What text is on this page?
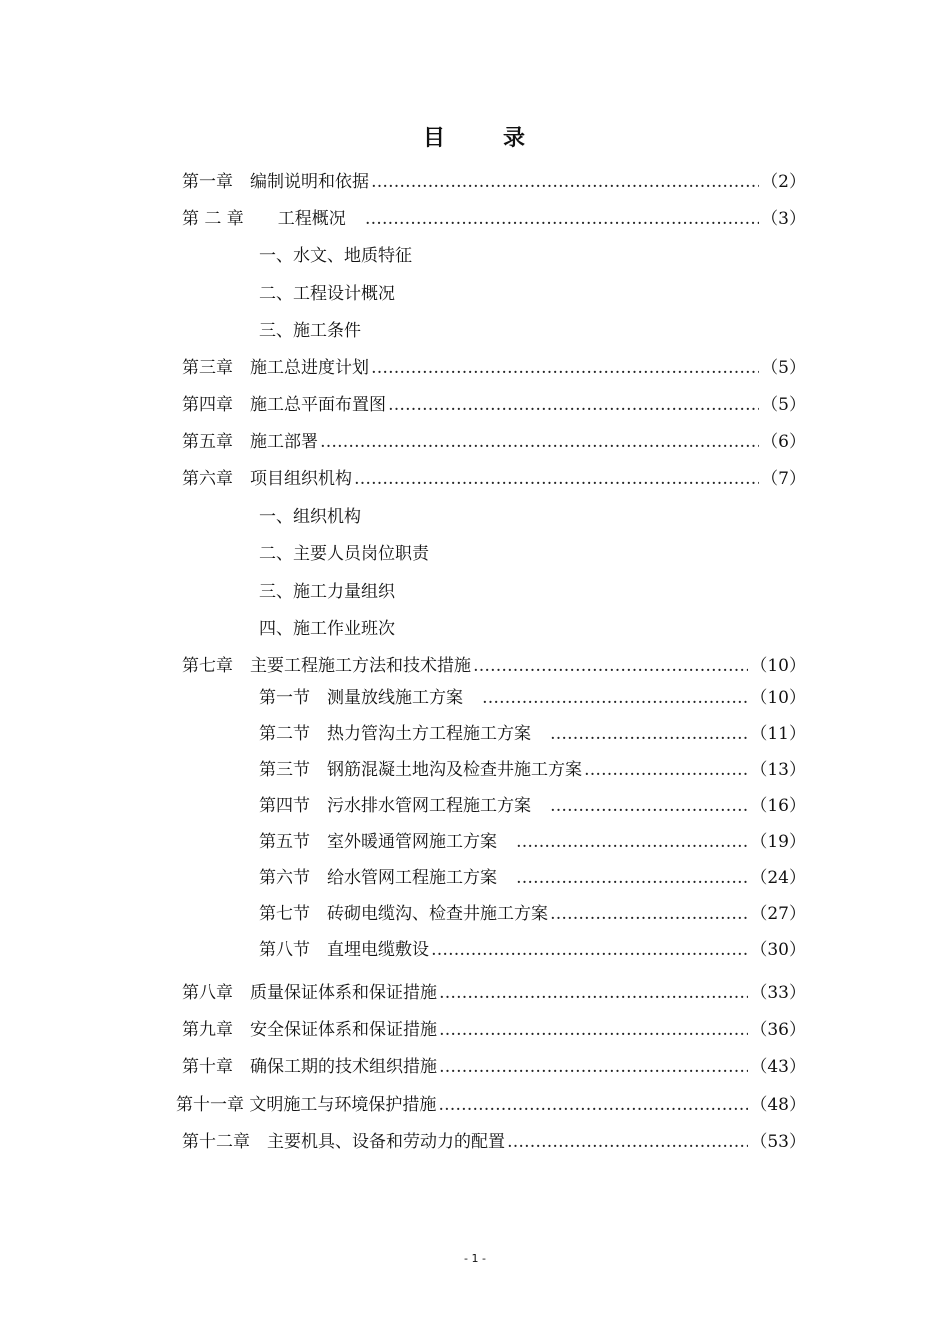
目	录
第一章　编制说明和依据 …………………………………………………………………………………………………………………………………………	（2）
第 二 章　　工程概况　 …………………………………………………………………………………………………………………………………………	（3）
一、水文、地质特征
二、工程设计概况
三、施工条件
第三章　施工总进度计划 …………………………………………………………………………………………………………………………………………	（5）
第四章　施工总平面布置图 …………………………………………………………………………………………………………………………………………	（5）
第五章　施工部署 …………………………………………………………………………………………………………………………………………	（6）
第六章　项目组织机构 …………………………………………………………………………………………………………………………………………	（7）
一、组织机构
二、主要人员岗位职责
三、施工力量组织
四、施工作业班次
第七章　主要工程施工方法和技术措施 …………………………………………………………………………………………………………………………………………	（10）
第一节　测量放线施工方案　 …………………………………………………………………………………………………………………………………………	（10）
第二节　热力管沟土方工程施工方案　 …………………………………………………………………………………………………………………………………………	（11）
第三节　钢筋混凝土地沟及检查井施工方案 …………………………………………………………………………………………………………………………………………	（13）
第四节　污水排水管网工程施工方案　 …………………………………………………………………………………………………………………………………………	（16）
第五节　室外暖通管网施工方案　 …………………………………………………………………………………………………………………………………………	（19）
第六节　给水管网工程施工方案　 …………………………………………………………………………………………………………………………………………	（24）
第七节　砖砌电缆沟、检查井施工方案 …………………………………………………………………………………………………………………………………………	（27）
第八节　直埋电缆敷设 …………………………………………………………………………………………………………………………………………	（30）
第八章　质量保证体系和保证措施 …………………………………………………………………………………………………………………………………………	（33）
第九章　安全保证体系和保证措施 …………………………………………………………………………………………………………………………………………	（36）
第十章　确保工期的技术组织措施 …………………………………………………………………………………………………………………………………………	（43）
第十一章 文明施工与环境保护措施 …………………………………………………………………………………………………………………………………………	（48）
第十二章　主要机具、设备和劳动力的配置 …………………………………………………………………………………………………………………………………………	（53）
- 1 -
